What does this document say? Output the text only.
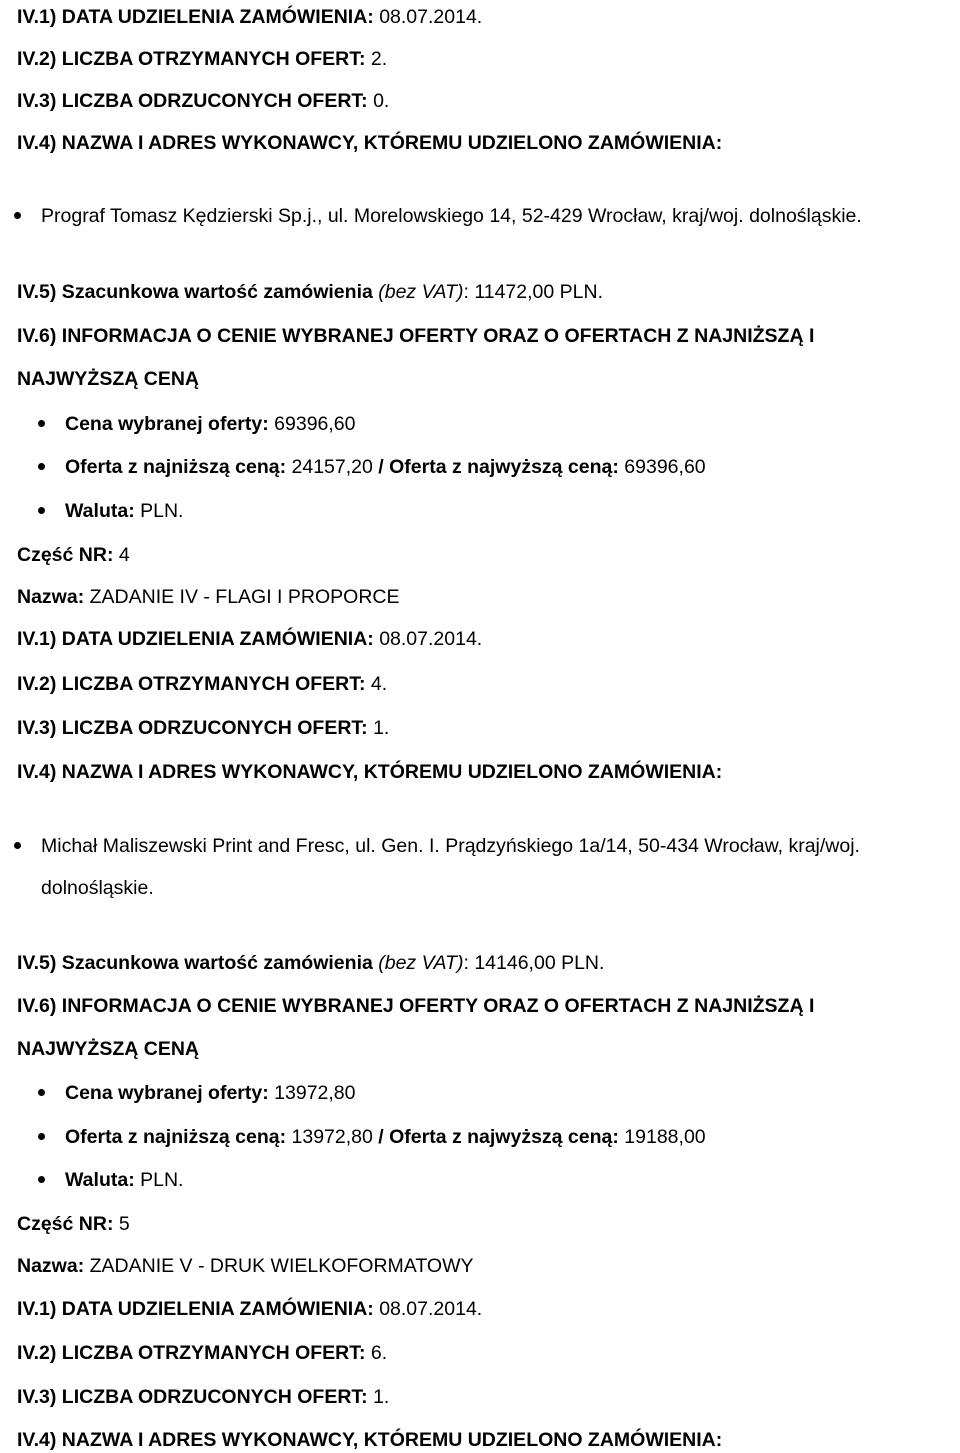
IV.1) DATA UDZIELENIA ZAMÓWIENIA: 08.07.2014.
IV.2) LICZBA OTRZYMANYCH OFERT: 2.
IV.3) LICZBA ODRZUCONYCH OFERT: 0.
IV.4) NAZWA I ADRES WYKONAWCY, KTÓREMU UDZIELONO ZAMÓWIENIA:
Prograf Tomasz Kędzierski Sp.j., ul. Morelowskiego 14, 52-429 Wrocław, kraj/woj. dolnośląskie.
IV.5) Szacunkowa wartość zamówienia (bez VAT): 11472,00 PLN.
IV.6) INFORMACJA O CENIE WYBRANEJ OFERTY ORAZ O OFERTACH Z NAJNIŻSZĄ I
NAJWYŻSZĄ CENĄ
Cena wybranej oferty: 69396,60
Oferta z najniższą ceną: 24157,20 / Oferta z najwyższą ceną: 69396,60
Waluta: PLN.
Część NR: 4
Nazwa: ZADANIE IV - FLAGI I PROPORCE
IV.1) DATA UDZIELENIA ZAMÓWIENIA: 08.07.2014.
IV.2) LICZBA OTRZYMANYCH OFERT: 4.
IV.3) LICZBA ODRZUCONYCH OFERT: 1.
IV.4) NAZWA I ADRES WYKONAWCY, KTÓREMU UDZIELONO ZAMÓWIENIA:
Michał Maliszewski Print and Fresc, ul. Gen. I. Prądzyńskiego 1a/14, 50-434 Wrocław, kraj/woj.
dolnośląskie.
IV.5) Szacunkowa wartość zamówienia (bez VAT): 14146,00 PLN.
IV.6) INFORMACJA O CENIE WYBRANEJ OFERTY ORAZ O OFERTACH Z NAJNIŻSZĄ I
NAJWYŻSZĄ CENĄ
Cena wybranej oferty: 13972,80
Oferta z najniższą ceną: 13972,80 / Oferta z najwyższą ceną: 19188,00
Waluta: PLN.
Część NR: 5
Nazwa: ZADANIE V - DRUK WIELKOFORMATOWY
IV.1) DATA UDZIELENIA ZAMÓWIENIA: 08.07.2014.
IV.2) LICZBA OTRZYMANYCH OFERT: 6.
IV.3) LICZBA ODRZUCONYCH OFERT: 1.
IV.4) NAZWA I ADRES WYKONAWCY, KTÓREMU UDZIELONO ZAMÓWIENIA:
